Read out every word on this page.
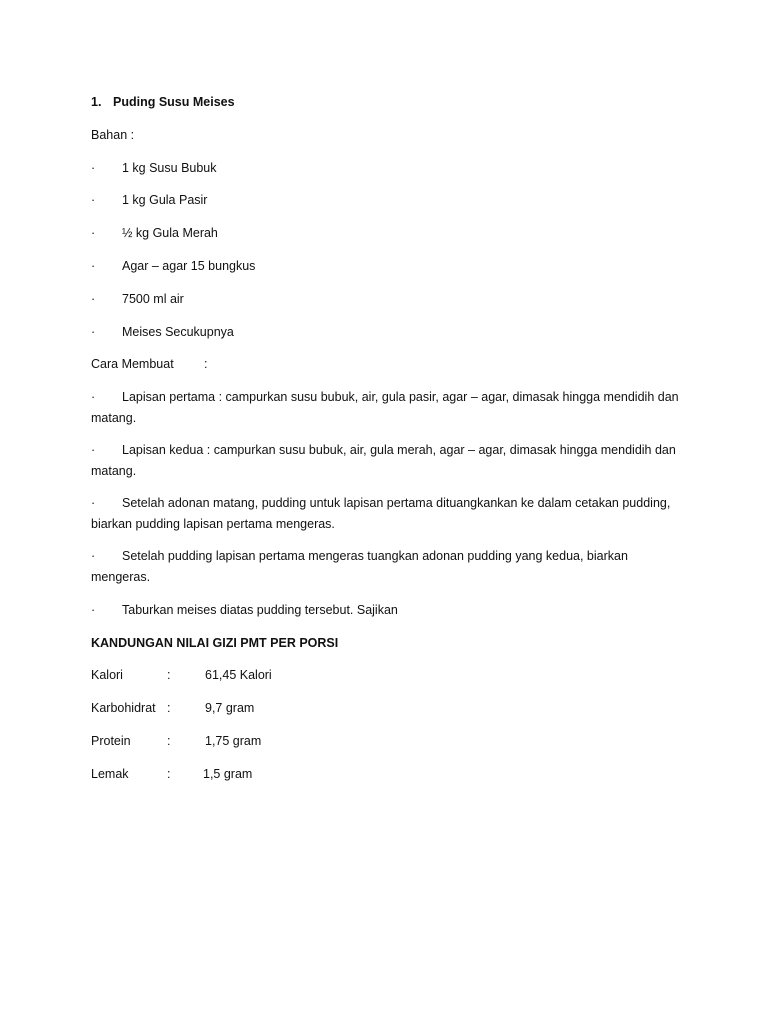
1. Puding Susu Meises
Bahan :
· 1 kg Susu Bubuk
· 1 kg Gula Pasir
· ½ kg Gula Merah
· Agar – agar 15 bungkus
· 7500 ml air
· Meises Secukupnya
Cara Membuat :
· Lapisan pertama : campurkan susu bubuk, air, gula pasir, agar – agar, dimasak hingga mendidih dan matang.
· Lapisan kedua : campurkan susu bubuk, air, gula merah, agar – agar, dimasak hingga mendidih dan matang.
· Setelah adonan matang, pudding untuk lapisan pertama dituangkankan ke dalam cetakan pudding, biarkan pudding lapisan pertama mengeras.
· Setelah pudding lapisan pertama mengeras tuangkan adonan pudding yang kedua, biarkan mengeras.
· Taburkan meises diatas pudding tersebut. Sajikan
KANDUNGAN NILAI GIZI PMT PER PORSI
Kalori	:	61,45 Kalori
Karbohidrat :	9,7 gram
Protein	:	1,75 gram
Lemak	:	1,5 gram
